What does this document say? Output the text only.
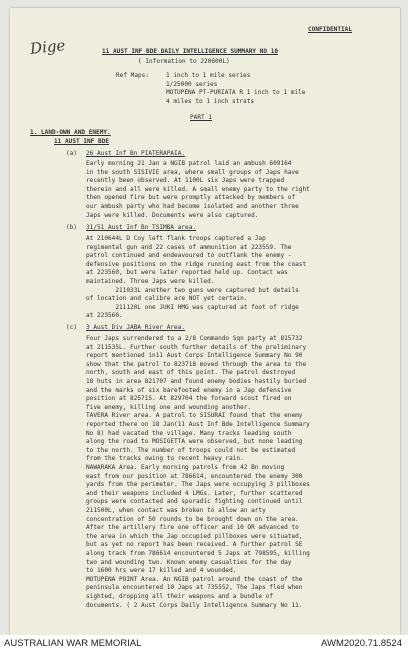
Dige
CONFIDENTIAL
11 AUST INF BDE DAILY INTELLIGENCE SUMMARY NO 10
( Information to 220600L)
Ref Maps:	1 inch to 1 mile series
1/25000 series
MOTUPENA PT-PURIATA R 1 inch to 1 mile
4 miles to 1 inch strats
PART 1
1. LAND-OWN AND ENEMY.
11 AUST INF BDE
(a) 26 Aust Inf Bn PIATERAPAIA.
Early morning 21 Jan a NGIB patrol laid an ambush 609164
in the south SISIVIE area, where small groups of Japs have
recently been observed. At 1100L six Japs were trapped
therein and all were killed. A small enemy party to the right
then opened fire but were promptly attacked by members of
our ambush party who had become isolated and another three
Japs were killed. Documents were also captured.
(b) 31/51 Aust Inf Bn TSIMBA area.
At 210644L D Coy left flank troops captured a Jap
regimental gun and 22 cases of ammunition at 223559. The
patrol continued and endeavoured to outflank the enemy -
defensive positions on the ridge running east from the coast
at 223560, but were later reported held up. Contact was
maintained. Three Japs were killed.
211033L another two guns were captured but details
of location and calibre are NOT yet certain.
211120L one JUKI HMG was captured at foot of ridge
at 223560.
(c) 3 Aust Div JABA River Area.
Four Japs surrendered to a 2/8 Commando Sqn party at 815732
at 211535L. Further south further details of the preliminary
report mentioned in11 Aust Corps Intelligence Summary No 90
show that the patrol to 823718 moved through the area to the
north, south and east of this point. The patrol destroyed
18 huts in area 821707 and found enemy bodies hastily buried
and the marks of six barefooted enemy in a Jap defensive
position at 825715. At 829704 the forward scout fired on
five enemy, killing one and wounding another.
TAVERA River area. A patrol to SISURAI found that the enemy
reported there on 18 Jan(11 Aust Inf Bde Intelligence Summary
No 8) had vacated the village. Many tracks leading south
along the road to MOSIGETTA were observed, but none leading
to the north. The number of troops could not be estimated
from the tracks owing to recent heavy rain.
NAWARAKA Area. Early morning patrols from 42 Bn moving
east from our position at 786614, encountered the enemy 300
yards from the perimeter. The Japs were occupying 3 pillboxes
and their weapons included 4 LMGs. Later, further scattered
groups were contacted and sporadic fighting continued until
211500L, when contact was broken to allow an arty
concentration of 50 rounds to be brought down on the area.
After the artillery fire one officer and 10 OR advanced to
the area in which the Jap occupied pillboxes were situated,
but as yet no report has been received. A further patrol SE
along track from 786614 encountered 5 Japs at 798595, killing
two and wounding two. Known enemy casualties for the day
to 1600 hrs were 17 killed and 4 wounded.
MOTUPENA POINT Area. An NGIB patrol around the coast of the
peninsula encountered 10 Japs at 735552, The Japs fled when
sighted, dropping all their weapons and a bundle of
documents. ( 2 Aust Corps Daily Intelligence Summary No 11.
AUSTRALIAN WAR MEMORIAL	AWM2020.71.8524
